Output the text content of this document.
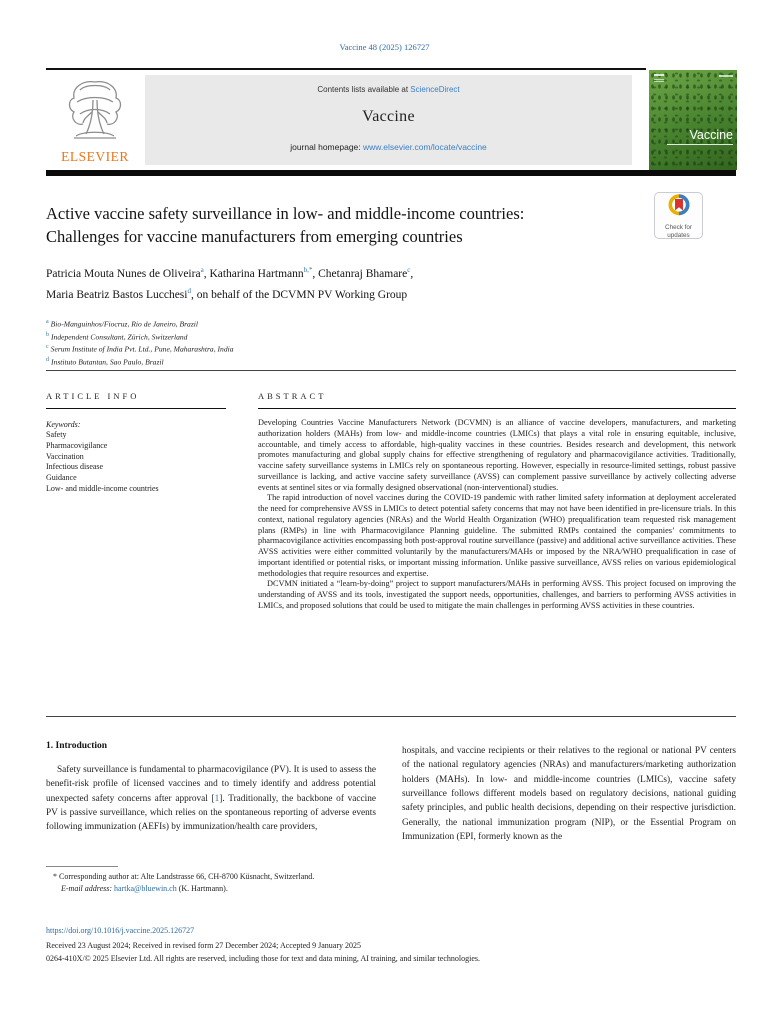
Vaccine 48 (2025) 126727
ELSEVIER
Contents lists available at ScienceDirect
Vaccine
journal homepage: www.elsevier.com/locate/vaccine
Vaccine
Check for
updates
Active vaccine safety surveillance in low- and middle-income countries:
Challenges for vaccine manufacturers from emerging countries
Patricia Mouta Nunes de Oliveira$^a$, Katharina Hartmann$^{b,*}$, Chetanraj Bhamare$^c$,
Maria Beatriz Bastos Lucchesi$^d$, on behalf of the DCVMN PV Working Group
$^a$ Bio-Manguinhos/Fiocruz, Rio de Janeiro, Brazil
$^b$ Independent Consultant, Zürich, Switzerland
$^c$ Serum Institute of India Pvt. Ltd., Pune, Maharashtra, India
$^d$ Instituto Butantan, Sao Paulo, Brazil
ARTICLE INFO
Keywords:
Safety
Pharmacovigilance
Vaccination
Infectious disease
Guidance
Low- and middle-income countries
ABSTRACT

Developing Countries Vaccine Manufacturers Network (DCVMN) is an alliance of vaccine developers, manufacturers, and marketing authorization holders (MAHs) from low- and middle-income countries (LMICs) that plays a vital role in ensuring equitable, inclusive, accountable, and timely access to affordable, high-quality vaccines in these countries. Besides research and development, this network promotes manufacturing and global supply chains for effective strengthening of regulatory and pharmacovigilance activities. Traditionally, vaccine safety surveillance systems in LMICs rely on spontaneous reporting. However, especially in resource-limited settings, robust passive surveillance is lacking, and active vaccine safety surveillance (AVSS) can complement passive surveillance by actively collecting adverse events at sentinel sites or via formally designed observational (non-interventional) studies.

The rapid introduction of novel vaccines during the COVID-19 pandemic with rather limited safety information at deployment accelerated the need for comprehensive AVSS in LMICs to detect potential safety concerns that may not have been identified in pre-licensure trials. In this context, national regulatory agencies (NRAs) and the World Health Organization (WHO) prequalification team requested risk management plans (RMPs) in line with Pharmacovigilance Planning guideline. The submitted RMPs contained the companies’ commitments to pharmacovigilance activities encompassing both post-approval routine surveillance (passive) and additional active surveillance activities. These AVSS activities were either committed voluntarily by the manufacturers/MAHs or imposed by the NRA/WHO prequalification in case of important identified or potential risks, or important missing information. Unlike passive surveillance, AVSS relies on various epidemiological methodologies that require resources and expertise.

DCVMN initiated a “learn-by-doing” project to support manufacturers/MAHs in performing AVSS. This project focused on improving the understanding of AVSS and its tools, investigated the support needs, opportunities, challenges, and barriers to performing AVSS activities in LMICs, and proposed solutions that could be used to mitigate the main challenges in performing AVSS activities in these countries.

1. Introduction

Safety surveillance is fundamental to pharmacovigilance (PV). It is used to assess the benefit-risk profile of licensed vaccines and to timely identify and address potential unexpected safety concerns after approval [1]. Traditionally, the backbone of vaccine PV is passive surveillance, which relies on the spontaneous reporting of adverse events following immunization (AEFIs) by immunization/health care providers,

hospitals, and vaccine recipients or their relatives to the regional or national PV centers of the national regulatory agencies (NRAs) and manufacturers/marketing authorization holders (MAHs). In low- and middle-income countries (LMICs), vaccine safety surveillance follows different models based on regulatory decisions, national guiding safety principles, and public health decisions, depending on their respective jurisdiction. Generally, the national immunization program (NIP), or the Essential Program on Immunization (EPI, formerly known as the

* Corresponding author at: Alte Landstrasse 66, CH-8700 Küsnacht, Switzerland.
E-mail address: hartka@bluewin.ch (K. Hartmann).
https://doi.org/10.1016/j.vaccine.2025.126727
Received 23 August 2024; Received in revised form 27 December 2024; Accepted 9 January 2025
0264-410X/© 2025 Elsevier Ltd. All rights are reserved, including those for text and data mining, AI training, and similar technologies.
